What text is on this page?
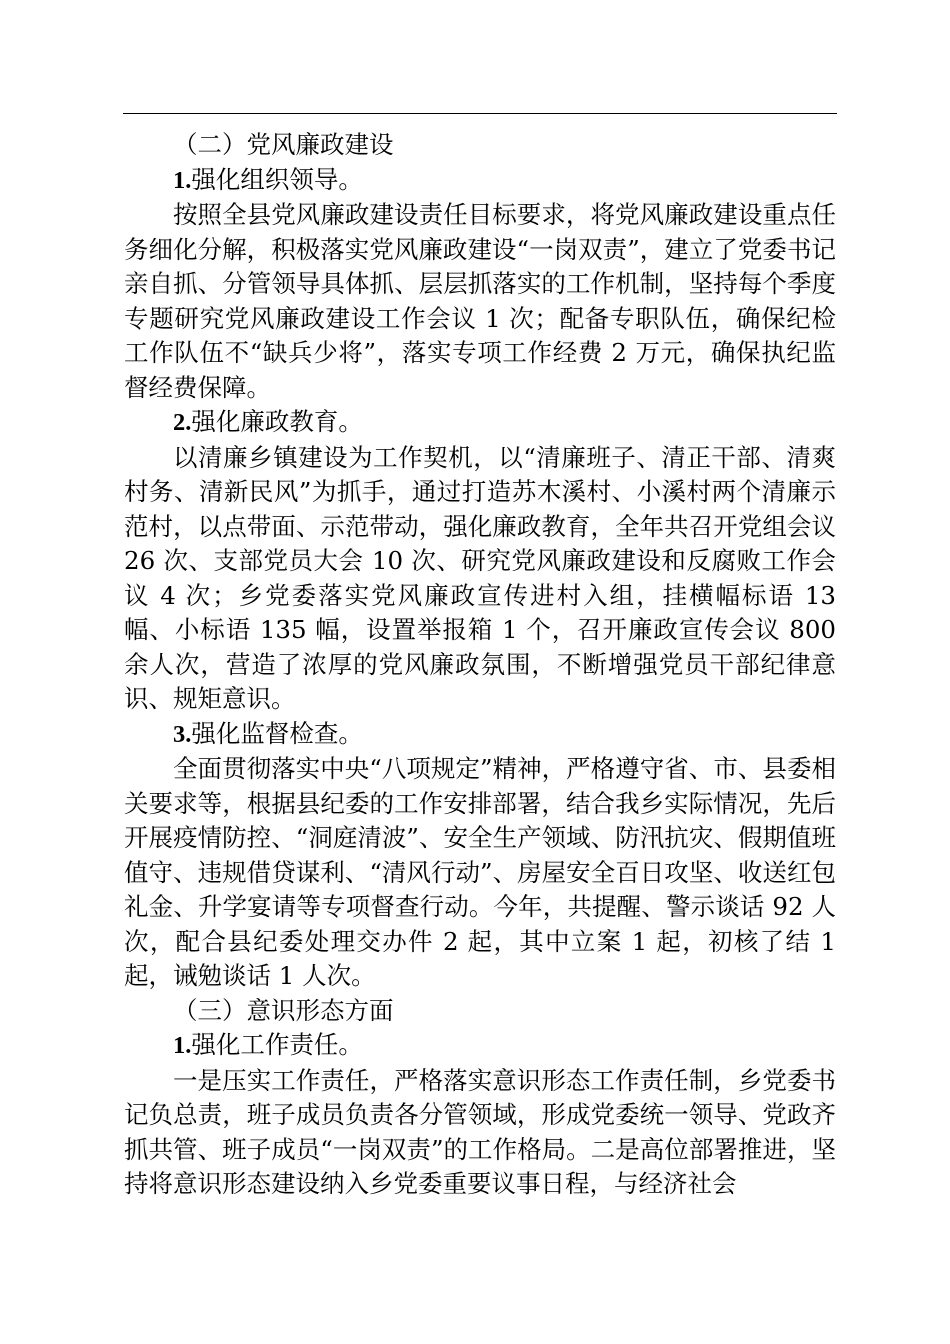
（二）党风廉政建设

1.强化组织领导。

按照全县党风廉政建设责任目标要求，将党风廉政建设重点任务细化分解，积极落实党风廉政建设“一岗双责”，建立了党委书记亲自抓、分管领导具体抓、层层抓落实的工作机制，坚持每个季度专题研究党风廉政建设工作会议 1 次；配备专职队伍，确保纪检工作队伍不“缺兵少将”，落实专项工作经费 2 万元，确保执纪监督经费保障。

2.强化廉政教育。

以清廉乡镇建设为工作契机，以“清廉班子、清正干部、清爽村务、清新民风”为抓手，通过打造苏木溪村、小溪村两个清廉示范村，以点带面、示范带动，强化廉政教育，全年共召开党组会议 26 次、支部党员大会 10 次、研究党风廉政建设和反腐败工作会议 4 次；乡党委落实党风廉政宣传进村入组，挂横幅标语 13 幅、小标语 135 幅，设置举报箱 1 个，召开廉政宣传会议 800 余人次，营造了浓厚的党风廉政氛围，不断增强党员干部纪律意识、规矩意识。

3.强化监督检查。

全面贯彻落实中央“八项规定”精神，严格遵守省、市、县委相关要求等，根据县纪委的工作安排部署，结合我乡实际情况，先后开展疫情防控、“洞庭清波”、安全生产领域、防汛抗灾、假期值班值守、违规借贷谋利、“清风行动”、房屋安全百日攻坚、收送红包礼金、升学宴请等专项督查行动。今年，共提醒、警示谈话 92 人次，配合县纪委处理交办件 2 起，其中立案 1 起，初核了结 1 起，诫勉谈话 1 人次。

（三）意识形态方面

1.强化工作责任。

一是压实工作责任，严格落实意识形态工作责任制，乡党委书记负总责，班子成员负责各分管领域，形成党委统一领导、党政齐抓共管、班子成员“一岗双责”的工作格局。二是高位部署推进，坚持将意识形态建设纳入乡党委重要议事日程，与经济社会
